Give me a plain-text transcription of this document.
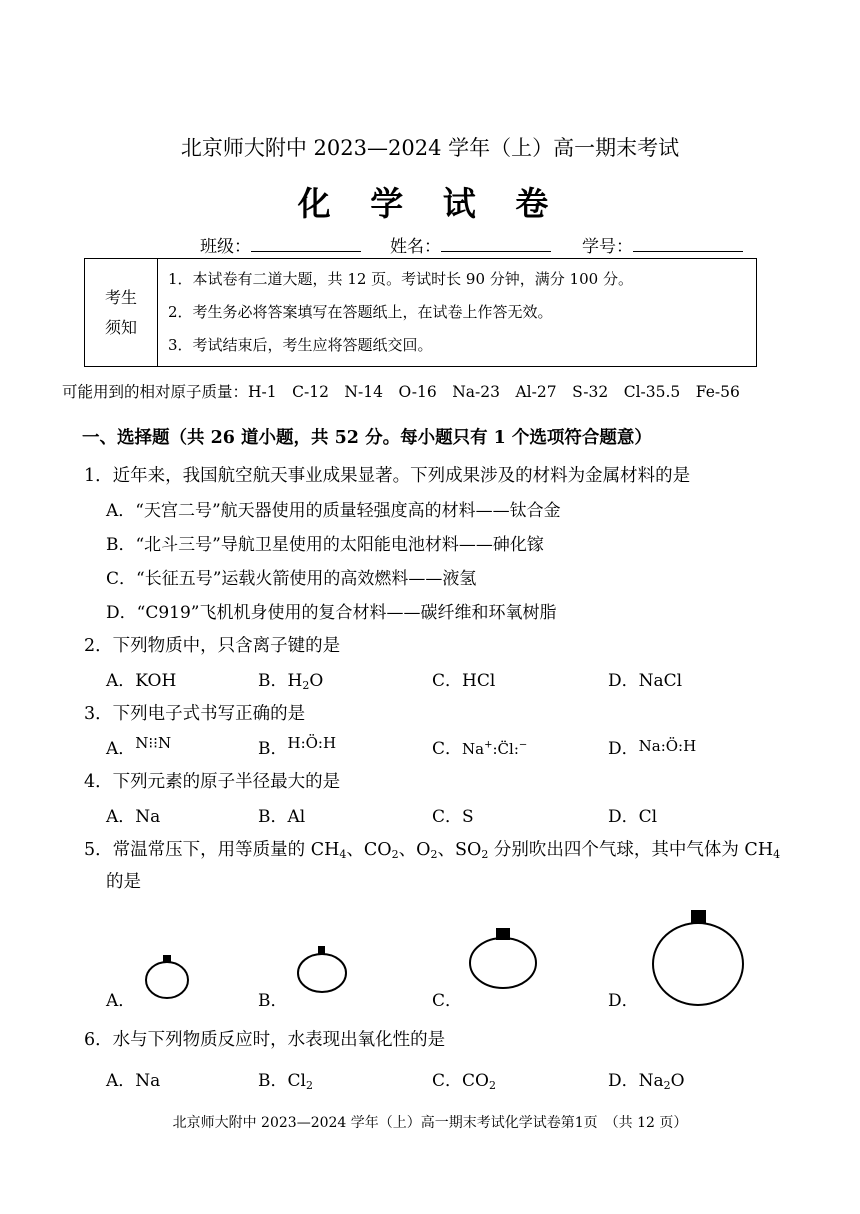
北京师大附中 2023—2024 学年（上）高一期末考试
化 学 试 卷
班级：	姓名：	学号：
考生
须知

1．本试卷有二道大题，共 12 页。考试时长 90 分钟，满分 100 分。
2．考生务必将答案填写在答题纸上，在试卷上作答无效。
3．考试结束后，考生应将答题纸交回。
可能用到的相对原子质量：H-1　C-12　N-14　O-16　Na-23　Al-27　S-32　Cl-35.5　Fe-56
一、选择题（共 26 道小题，共 52 分。每小题只有 1 个选项符合题意）
1．近年来，我国航空航天事业成果显著。下列成果涉及的材料为金属材料的是
A．“天宫二号”航天器使用的质量轻强度高的材料——钛合金
B．“北斗三号”导航卫星使用的太阳能电池材料——砷化镓
C．“长征五号”运载火箭使用的高效燃料——液氢
D．“C919”飞机机身使用的复合材料——碳纤维和环氧树脂
2．下列物质中，只含离子键的是
A．KOH	B．$H_2O$	C．HCl	D．NaCl
3．下列电子式书写正确的是
A．N⁝⁝N	B．H:Ö:H	C．Na+:C̈l:−	D．Na:Ö:H
4．下列元素的原子半径最大的是
A．Na	B．Al	C．S	D．Cl
5．常温常压下，用等质量的 $CH_4$、$CO_2$、$O_2$、$SO_2$ 分别吹出四个气球，其中气体为 $CH_4$
的是
A．	B．	C．	D．
6．水与下列物质反应时，水表现出氧化性的是
A．Na	B．$Cl_2$	C．$CO_2$	D．$Na_2O$
北京师大附中 2023—2024 学年（上）高一期末考试化学试卷第1页　（共 12 页）
